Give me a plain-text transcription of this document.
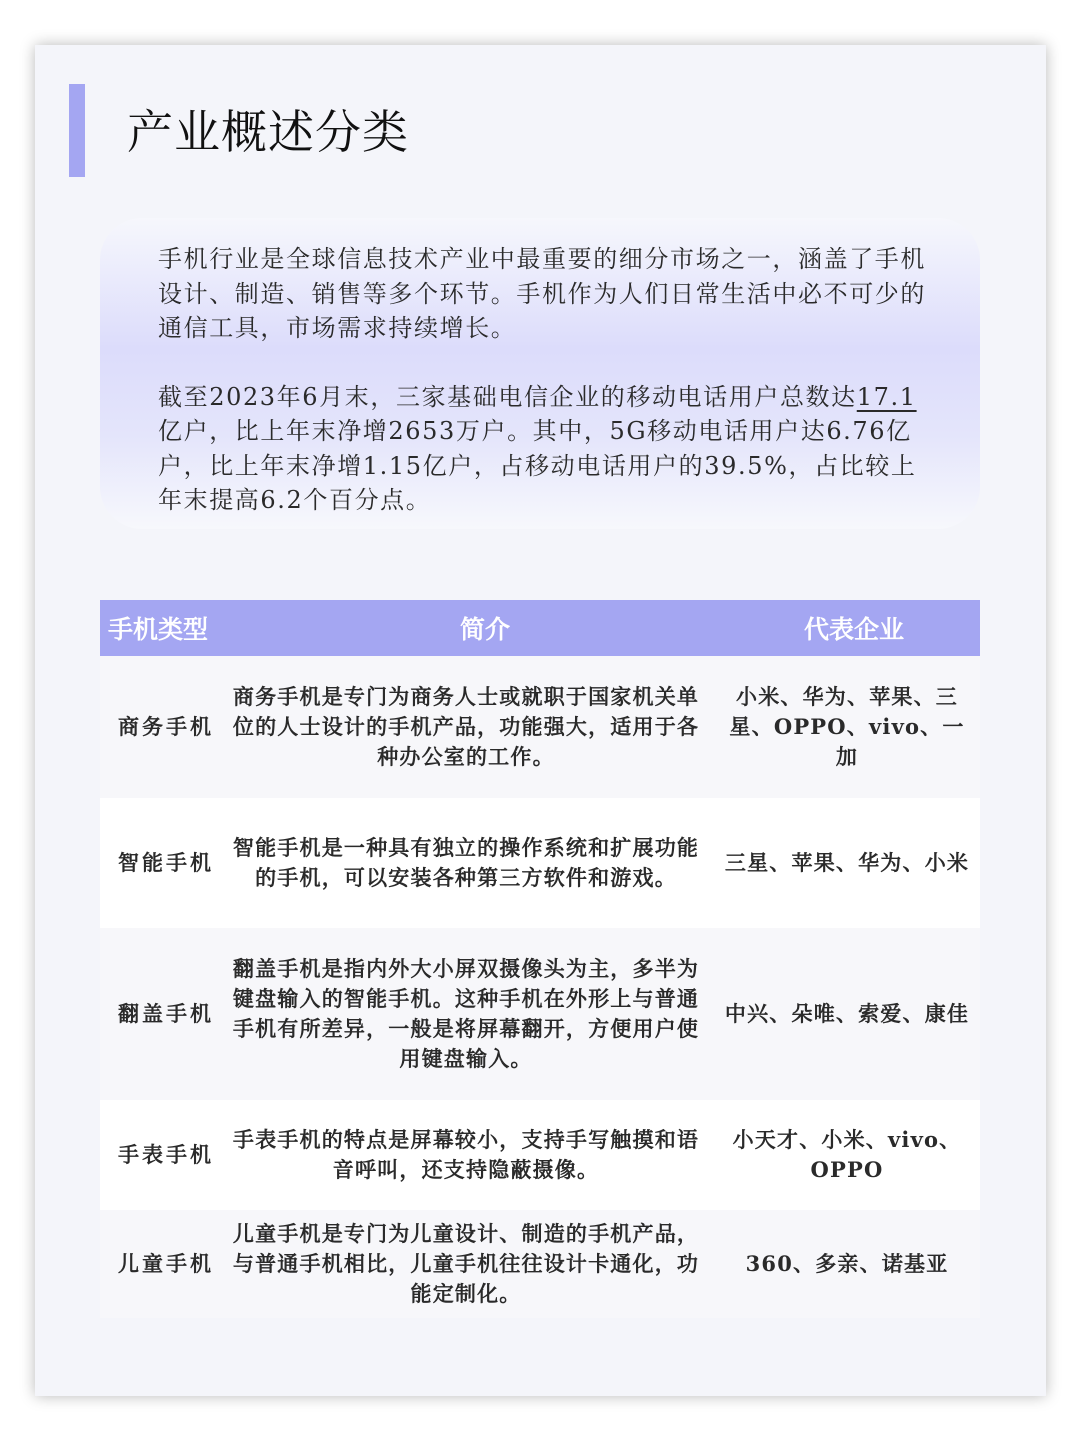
产业概述分类

手机行业是全球信息技术产业中最重要的细分市场之一，涵盖了手机设计、制造、销售等多个环节。手机作为人们日常生活中必不可少的通信工具，市场需求持续增长。

截至2023年6月末，三家基础电信企业的移动电话用户总数达17.1亿户，比上年末净增2653万户。其中，5G移动电话用户达6.76亿户，比上年末净增1.15亿户，占移动电话用户的39.5%，占比较上年末提高6.2个百分点。

手机类型	简介	代表企业
商务手机	商务手机是专门为商务人士或就职于国家机关单位的人士设计的手机产品，功能强大，适用于各种办公室的工作。	小米、华为、苹果、三星、OPPO、vivo、一加
智能手机	智能手机是一种具有独立的操作系统和扩展功能的手机，可以安装各种第三方软件和游戏。	三星、苹果、华为、小米
翻盖手机	翻盖手机是指内外大小屏双摄像头为主，多半为键盘输入的智能手机。这种手机在外形上与普通手机有所差异，一般是将屏幕翻开，方便用户使用键盘输入。	中兴、朵唯、索爱、康佳
手表手机	手表手机的特点是屏幕较小，支持手写触摸和语音呼叫，还支持隐蔽摄像。	小天才、小米、vivo、OPPO
儿童手机	儿童手机是专门为儿童设计、制造的手机产品，与普通手机相比，儿童手机往往设计卡通化，功能定制化。	360、多亲、诺基亚
